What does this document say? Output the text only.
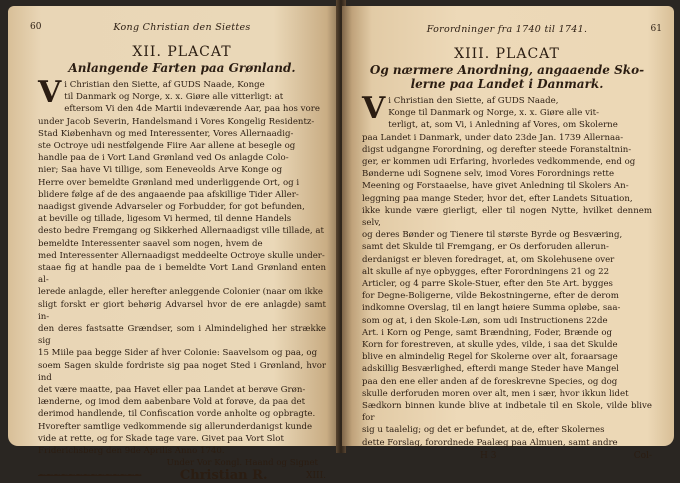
60	Kong Christian den Siettes
XII. PLACAT
Anlangende Farten paa Grønland.
V i Christian den Siette, af GUDS Naade, Konge

til Danmark og Norge, x. x. Giøre alle vitterligt: at

eftersom Vi den 4de Martii indeværende Aar, paa hos vore

under Jacob Severin, Handelsmand i Vores Kongelig Residentz-

Stad Kiøbenhavn og med Interessenter, Vores Allernaadig-

ste Octroye udi nestfølgende Fiire Aar allene at besegle og

handle paa de i Vort Land Grønland ved Os anlagde Colo-

nier; Saa have Vi tillige, som Eeneveolds Arve Konge og

Herre over bemeldte Grønland med underliggende Ort, og i

blidere følge af de des angaaende paa afskillige Tider Aller-

naadigst givende Advarseler og Forbudder, for got befunden,

at beville og tillade, ligesom Vi hermed, til denne Handels

desto bedre Fremgang og Sikkerhed Allernaadigst ville tillade, at

bemeldte Interessenter saavel som nogen, hvem de

med Interessenter Allernaadigst meddeelte Octroye skulle under-

staae fig at handle paa de i bemeldte Vort Land Grønland enten al-

lerede anlagde, eller herefter anleggende Colonier (naar om ikke

sligt forskt er giort behørig Advarsel hvor de ere anlagde) samt in-

den deres fastsatte Grændser, som i Almindelighed her strække sig

15 Miile paa begge Sider af hver Colonie: Saavelsom og paa, og

soem Sagen skulde fordriste sig paa noget Sted i Grønland, hvor ind

det være maatte, paa Havet eller paa Landet at berøve Grøn-

lænderne, og imod dem aabenbare Vold at forøve, da paa det

derimod handlende, til Confiscation vorde anholte og opbragte.

Hvorefter samtlige vedkommende sig allerunderdanigst kunde

vide at rette, og for Skade tage vare. Givet paa Vort Slot

Friderichsberg den 9de Aprilis Anno 1740.

Under Vor Kongl. Haand og Signet
~~~~~~~~~~~~~~	Christian R.	XIII.
Forordninger fra 1740 til 1741.	61
XIII. PLACAT
Og nærmere Anordning, angaaende Sko-
lerne paa Landet i Danmark.
V i Christian den Siette, af GUDS Naade,

Konge til Danmark og Norge, x. x. Giøre alle vit-

terligt, at, som Vi, i Anledning af Vores, om Skolerne

paa Landet i Danmark, under dato 23de Jan. 1739 Allernaa-

digst udgangne Forordning, og derefter steede Foranstaltnin-

ger, er kommen udi Erfaring, hvorledes vedkommende, end og

Bønderne udi Sognene selv, imod Vores Forordnings rette

Meening og Forstaaelse, have givet Anledning til Skolers An-

leggning paa mange Steder, hvor det, efter Landets Situation,

ikke kunde være gierligt, eller til nogen Nytte, hvilket dennem selv,

og deres Bønder og Tienere til største Byrde og Besværing,

samt det Skulde til Fremgang, er Os derforuden allerun-

derdanigst er bleven foredraget, at, om Skolehusene over

alt skulle af nye opbygges, efter Forordningens 21 og 22

Articler, og 4 parre Skole-Stuer, efter den 5te Art. bygges

for Degne-Boligerne, vilde Bekostningerne, efter de derom

indkomne Overslag, til en langt høiere Summa opløbe, saa-

som og at, i den Skole-Løn, som udi Instructionens 22de

Art. i Korn og Penge, samt Brændning, Foder, Brænde og

Korn for forestreven, at skulle ydes, vilde, i saa det Skulde

blive en almindelig Regel for Skolerne over alt, foraarsage

adskillig Besværlighed, efterdi mange Steder have Mangel

paa den ene eller anden af de foreskrevne Species, og dog

skulle derforuden moren over alt, men i sær, hvor ikkun lidet

Sædkorn binnen kunde blive at indbetale til en Skole, vilde blive for

sig u taalelig; og det er befundet, at de, efter Skolernes

dette Forslag, forordnede Paalæg paa Almuen, samt andre

H 3	Col-
